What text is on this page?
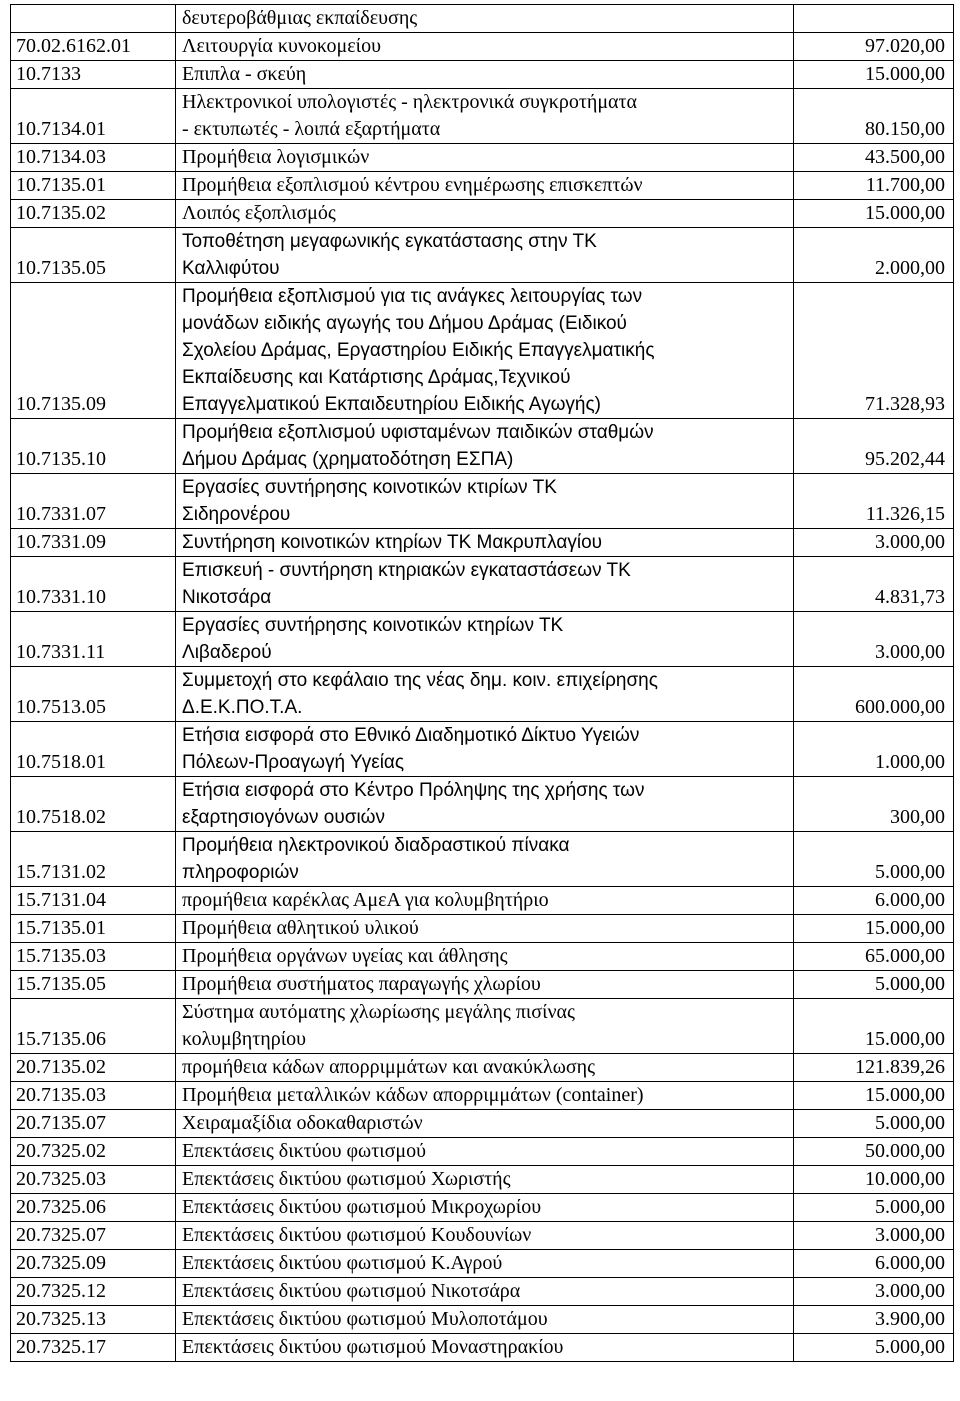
	δευτεροβάθμιας εκπαίδευσης	

70.02.6162.01	Λειτουργία κυνοκομείου	97.020,00
10.7133	Επιπλα - σκεύη	15.000,00
10.7134.01	Ηλεκτρονικοί υπολογιστές - ηλεκτρονικά συγκροτήματα
- εκτυπωτές - λοιπά εξαρτήματα	80.150,00
10.7134.03	Προμήθεια λογισμικών	43.500,00
10.7135.01	Προμήθεια εξοπλισμού κέντρου ενημέρωσης επισκεπτών	11.700,00
10.7135.02	Λοιπός εξοπλισμός	15.000,00
10.7135.05	Τοποθέτηση μεγαφωνικής εγκατάστασης στην ΤΚ
Καλλιφύτου	2.000,00
10.7135.09	Προμήθεια εξοπλισμού για τις ανάγκες λειτουργίας των
μονάδων ειδικής αγωγής του Δήμου Δράμας (Ειδικού
Σχολείου Δράμας, Εργαστηρίου Ειδικής Επαγγελματικής
Εκπαίδευσης και Κατάρτισης Δράμας,Τεχνικού
Επαγγελματικού Εκπαιδευτηρίου Ειδικής Αγωγής)	71.328,93
10.7135.10	Προμήθεια εξοπλισμού υφισταμένων παιδικών σταθμών
Δήμου Δράμας (χρηματοδότηση ΕΣΠΑ)	95.202,44
10.7331.07	Εργασίες συντήρησης κοινοτικών κτιρίων ΤΚ
Σιδηρονέρου	11.326,15
10.7331.09	Συντήρηση κοινοτικών κτηρίων ΤΚ Μακρυπλαγίου	3.000,00
10.7331.10	Επισκευή - συντήρηση κτηριακών εγκαταστάσεων ΤΚ
Νικοτσάρα	4.831,73
10.7331.11	Εργασίες συντήρησης κοινοτικών κτηρίων ΤΚ
Λιβαδερού	3.000,00
10.7513.05	Συμμετοχή στο κεφάλαιο της νέας δημ. κοιν. επιχείρησης
Δ.Ε.Κ.ΠΟ.Τ.Α.	600.000,00
10.7518.01	Ετήσια εισφορά στο Εθνικό Διαδημοτικό Δίκτυο Υγειών
Πόλεων-Προαγωγή Υγείας	1.000,00
10.7518.02	Ετήσια εισφορά στο Κέντρο Πρόληψης της χρήσης των
εξαρτησιογόνων ουσιών	300,00
15.7131.02	Προμήθεια ηλεκτρονικού διαδραστικού πίνακα
πληροφοριών	5.000,00
15.7131.04	προμήθεια καρέκλας ΑμεΑ για κολυμβητήριο	6.000,00
15.7135.01	Προμήθεια αθλητικού υλικού	15.000,00
15.7135.03	Προμήθεια οργάνων υγείας και άθλησης	65.000,00
15.7135.05	Προμήθεια συστήματος παραγωγής χλωρίου	5.000,00
15.7135.06	Σύστημα αυτόματης χλωρίωσης μεγάλης πισίνας
κολυμβητηρίου	15.000,00
20.7135.02	προμήθεια κάδων απορριμμάτων και ανακύκλωσης	121.839,26
20.7135.03	Προμήθεια μεταλλικών κάδων απορριμμάτων (container)	15.000,00
20.7135.07	Χειραμαξίδια οδοκαθαριστών	5.000,00
20.7325.02	Επεκτάσεις δικτύου φωτισμού	50.000,00
20.7325.03	Επεκτάσεις δικτύου φωτισμού Χωριστής	10.000,00
20.7325.06	Επεκτάσεις δικτύου φωτισμού Μικροχωρίου	5.000,00
20.7325.07	Επεκτάσεις δικτύου φωτισμού Κουδουνίων	3.000,00
20.7325.09	Επεκτάσεις δικτύου φωτισμού Κ.Αγρού	6.000,00
20.7325.12	Επεκτάσεις δικτύου φωτισμού Νικοτσάρα	3.000,00
20.7325.13	Επεκτάσεις δικτύου φωτισμού Μυλοποτάμου	3.900,00
20.7325.17	Επεκτάσεις δικτύου φωτισμού Μοναστηρακίου	5.000,00
